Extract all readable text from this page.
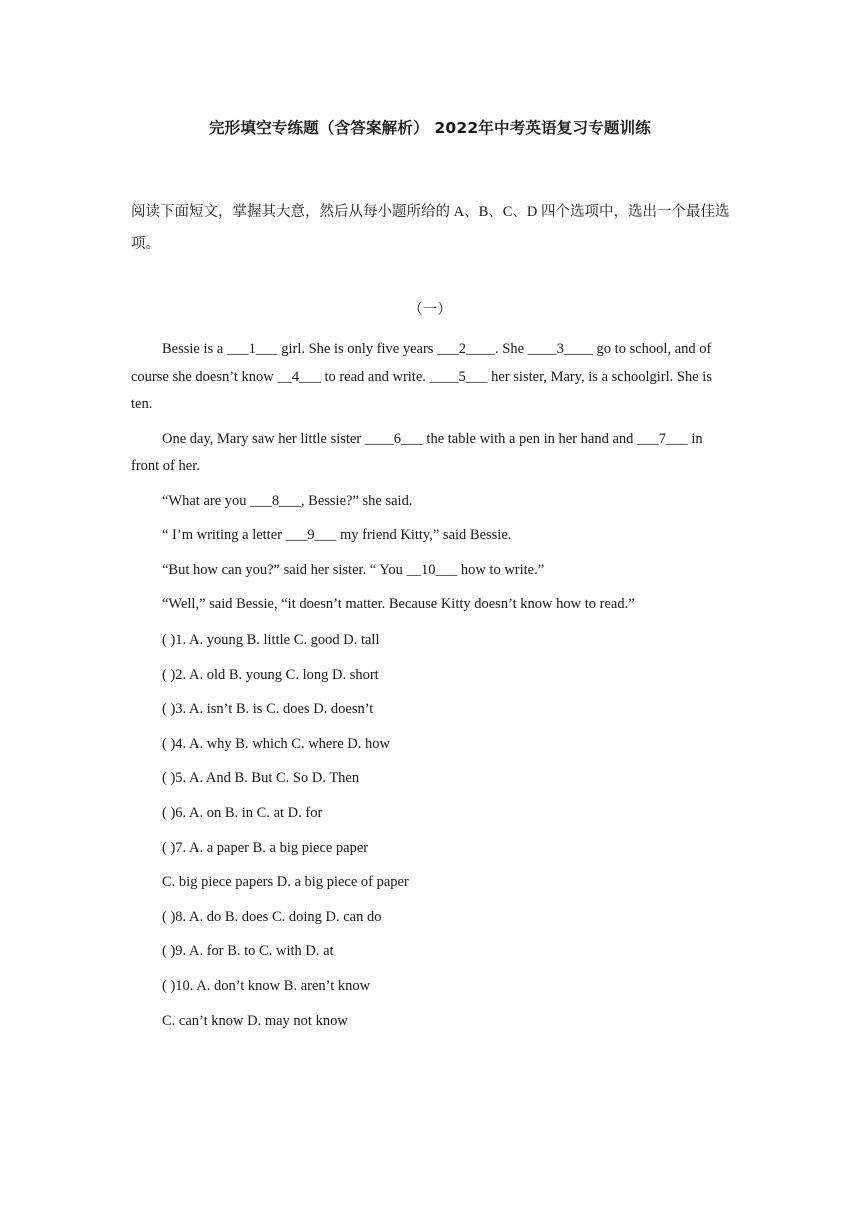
完形填空专练题（含答案解析） 2022年中考英语复习专题训练
阅读下面短文，掌握其大意，然后从每小题所给的 A、B、C、D 四个选项中，选出一个最佳选项。
（一）

Bessie is a ___1___ girl. She is only five years ___2____. She ____3____ go to school, and of course she doesn’t know __4___ to read and write. ____5___ her sister, Mary, is a schoolgirl. She is ten.

One day, Mary saw her little sister ____6___ the table with a pen in her hand and ___7___ in front of her.

“What are you ___8___, Bessie?” she said.

“ I’m writing a letter ___9___ my friend Kitty,” said Bessie.

“But how can you?” said her sister. “ You __10___ how to write.”

“Well,” said Bessie, “it doesn’t matter. Because Kitty doesn’t know how to read.”

( )1. A. young B. little C. good D. tall
( )2. A. old B. young C. long D. short
( )3. A. isn’t B. is C. does D. doesn’t
( )4. A. why B. which C. where D. how
( )5. A. And B. But C. So D. Then
( )6. A. on B. in C. at D. for
( )7. A. a paper B. a big piece paper
C. big piece papers D. a big piece of paper
( )8. A. do B. does C. doing D. can do
( )9. A. for B. to C. with D. at
( )10. A. don’t know B. aren’t know
C. can’t know D. may not know
